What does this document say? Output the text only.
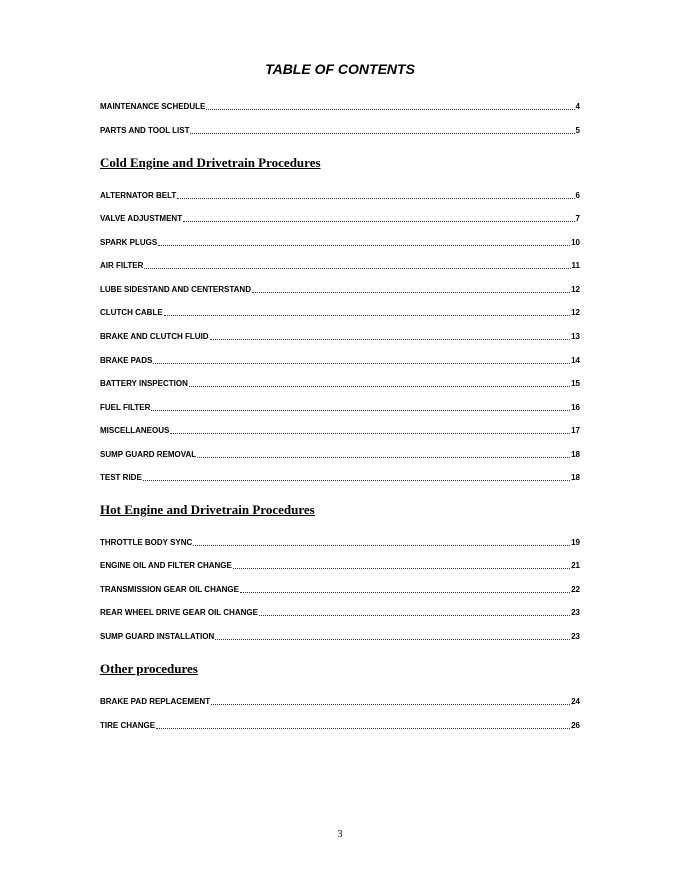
TABLE OF CONTENTS
MAINTENANCE SCHEDULE	4
PARTS AND TOOL LIST	5
Cold Engine and Drivetrain Procedures
ALTERNATOR BELT	6
VALVE ADJUSTMENT	7
SPARK PLUGS	10
AIR FILTER	11
LUBE SIDESTAND AND CENTERSTAND	12
CLUTCH CABLE	12
BRAKE AND CLUTCH FLUID	13
BRAKE PADS	14
BATTERY INSPECTION	15
FUEL FILTER	16
MISCELLANEOUS	17
SUMP GUARD REMOVAL	18
TEST RIDE	18
Hot Engine and Drivetrain Procedures
THROTTLE BODY SYNC	19
ENGINE OIL AND FILTER CHANGE	21
TRANSMISSION GEAR OIL CHANGE	22
REAR WHEEL DRIVE GEAR OIL CHANGE	23
SUMP GUARD INSTALLATION	23
Other procedures
BRAKE PAD REPLACEMENT	24
TIRE CHANGE	26
3
